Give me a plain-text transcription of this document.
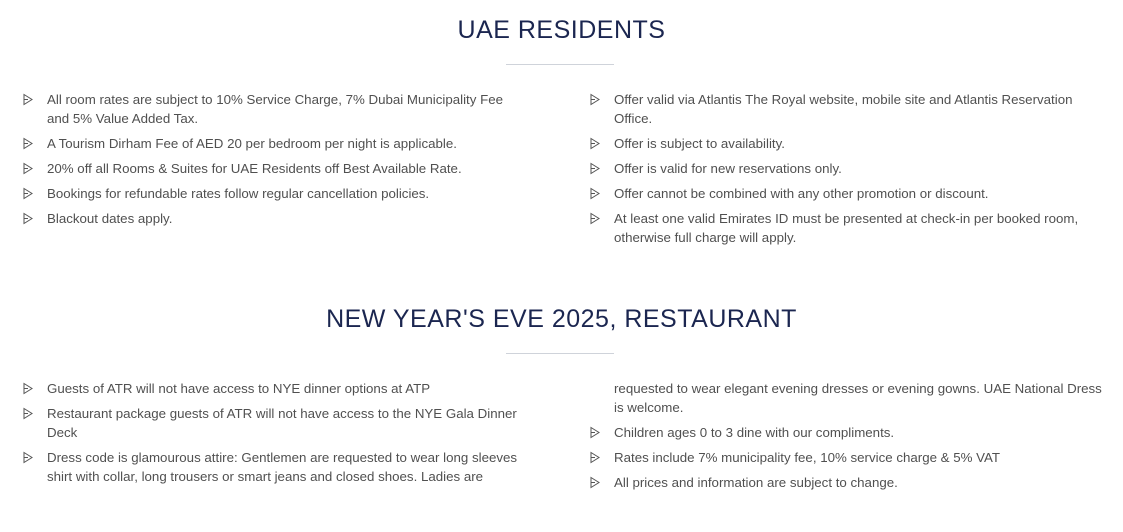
UAE RESIDENTS
All room rates are subject to 10% Service Charge, 7% Dubai Municipality Fee and 5% Value Added Tax.
A Tourism Dirham Fee of AED 20 per bedroom per night is applicable.
20% off all Rooms & Suites for UAE Residents off Best Available Rate.
Bookings for refundable rates follow regular cancellation policies.
Blackout dates apply.
Offer valid via Atlantis The Royal website, mobile site and Atlantis Reservation Office.
Offer is subject to availability.
Offer is valid for new reservations only.
Offer cannot be combined with any other promotion or discount.
At least one valid Emirates ID must be presented at check-in per booked room, otherwise full charge will apply.
NEW YEAR'S EVE 2025, RESTAURANT
Guests of ATR will not have access to NYE dinner options at ATP
Restaurant package guests of ATR will not have access to the NYE Gala Dinner Deck
Dress code is glamourous attire: Gentlemen are requested to wear long sleeves shirt with collar, long trousers or smart jeans and closed shoes. Ladies are
requested to wear elegant evening dresses or evening gowns. UAE National Dress is welcome.
Children ages 0 to 3 dine with our compliments.
Rates include 7% municipality fee, 10% service charge & 5% VAT
All prices and information are subject to change.
